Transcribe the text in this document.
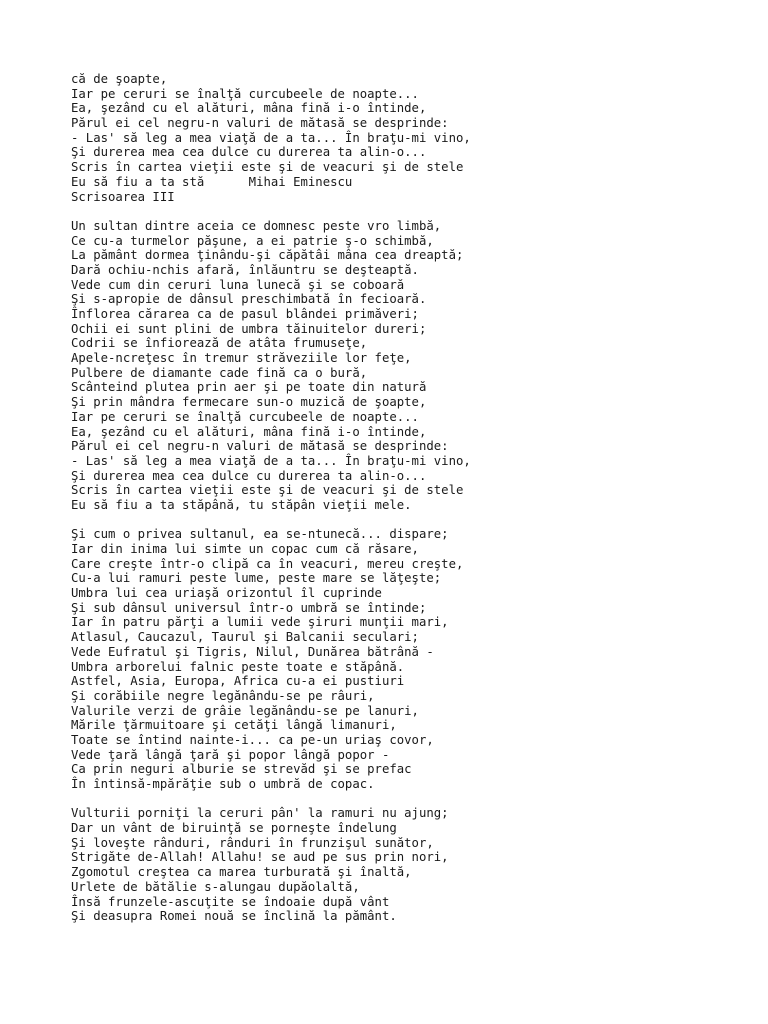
că de şoapte,
Iar pe ceruri se înalţă curcubeele de noapte...
Ea, şezând cu el alături, mâna fină i-o întinde,
Părul ei cel negru-n valuri de mătasă se desprinde:
- Las' să leg a mea viaţă de a ta... În braţu-mi vino,
Şi durerea mea cea dulce cu durerea ta alin-o...
Scris în cartea vieţii este şi de veacuri şi de stele
Eu să fiu a ta stă      Mihai Eminescu
Scrisoarea III
Un sultan dintre aceia ce domnesc peste vro limbă,
Ce cu-a turmelor păşune, a ei patrie ş-o schimbă,
La pământ dormea ţinându-şi căpătâi mâna cea dreaptă;
Dară ochiu-nchis afară, înlăuntru se deşteaptă.
Vede cum din ceruri luna lunecă şi se coboară
Şi s-apropie de dânsul preschimbată în fecioară.
Înflorea cărarea ca de pasul blândei primăveri;
Ochii ei sunt plini de umbra tăinuitelor dureri;
Codrii se înfiorează de atâta frumuseţe,
Apele-ncreţesc în tremur străveziile lor feţe,
Pulbere de diamante cade fină ca o bură,
Scânteind plutea prin aer şi pe toate din natură
Şi prin mândra fermecare sun-o muzică de şoapte,
Iar pe ceruri se înalţă curcubeele de noapte...
Ea, şezând cu el alături, mâna fină i-o întinde,
Părul ei cel negru-n valuri de mătasă se desprinde:
- Las' să leg a mea viaţă de a ta... În braţu-mi vino,
Şi durerea mea cea dulce cu durerea ta alin-o...
Scris în cartea vieţii este şi de veacuri şi de stele
Eu să fiu a ta stăpână, tu stăpân vieţii mele.
Şi cum o privea sultanul, ea se-ntunecă... dispare;
Iar din inima lui simte un copac cum că răsare,
Care creşte într-o clipă ca în veacuri, mereu creşte,
Cu-a lui ramuri peste lume, peste mare se lăţeşte;
Umbra lui cea uriaşă orizontul îl cuprinde
Şi sub dânsul universul într-o umbră se întinde;
Iar în patru părţi a lumii vede şiruri munţii mari,
Atlasul, Caucazul, Taurul şi Balcanii seculari;
Vede Eufratul şi Tigris, Nilul, Dunărea bătrână -
Umbra arborelui falnic peste toate e stăpână.
Astfel, Asia, Europa, Africa cu-a ei pustiuri
Şi corăbiile negre legănându-se pe râuri,
Valurile verzi de grâie legănându-se pe lanuri,
Mările ţărmuitoare şi cetăţi lângă limanuri,
Toate se întind nainte-i... ca pe-un uriaş covor,
Vede ţară lângă ţară şi popor lângă popor -
Ca prin neguri alburie se strevăd şi se prefac
În întinsă-mpărăţie sub o umbră de copac.
Vulturii porniţi la ceruri pân' la ramuri nu ajung;
Dar un vânt de biruinţă se porneşte îndelung
Şi loveşte rânduri, rânduri în frunzişul sunător,
Strigăte de-Allah! Allahu! se aud pe sus prin nori,
Zgomotul creştea ca marea turburată şi înaltă,
Urlete de bătălie s-alungau dupăolaltă,
Însă frunzele-ascuţite se îndoaie după vânt
Şi deasupra Romei nouă se înclină la pământ.
